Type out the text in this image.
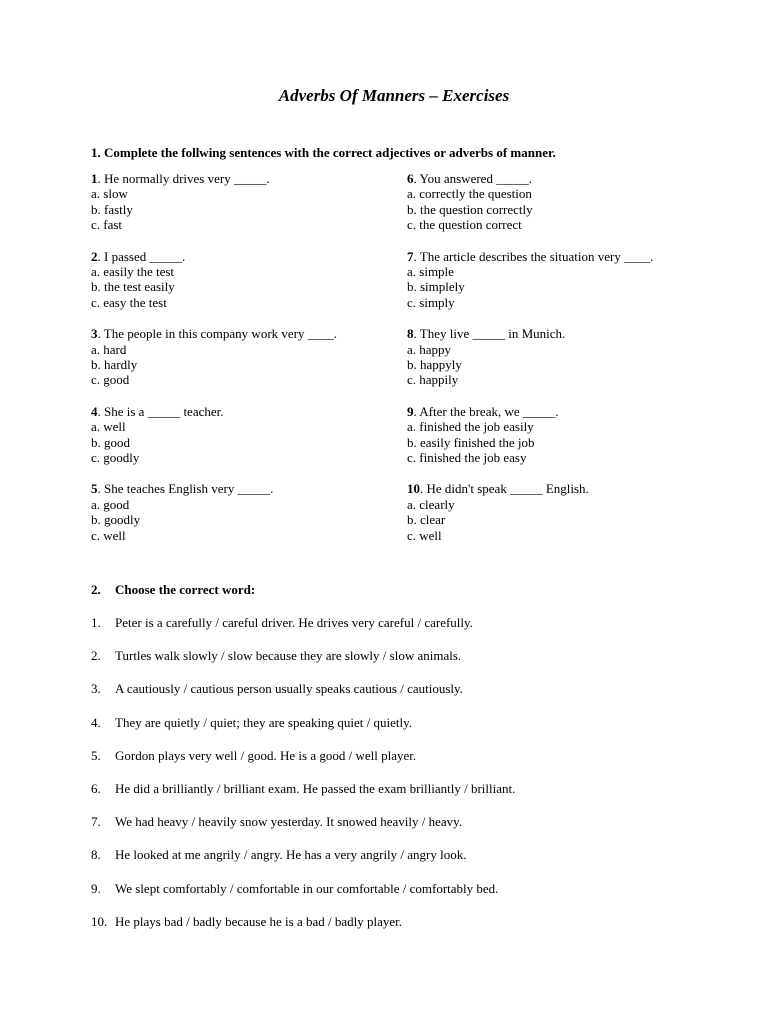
Adverbs Of Manners – Exercises
1. Complete the follwing sentences with the correct adjectives or adverbs of manner.
1. He normally drives very _____.
a. slow
b. fastly
c. fast
2. I passed _____.
a. easily the test
b. the test easily
c. easy the test
3. The people in this company work very ____.
a. hard
b. hardly
c. good
4. She is a _____ teacher.
a. well
b. good
c. goodly
5. She teaches English very _____.
a. good
b. goodly
c. well
6. You answered _____.
a. correctly the question
b. the question correctly
c. the question correct
7. The article describes the situation very ____.
a. simple
b. simplely
c. simply
8. They live _____ in Munich.
a. happy
b. happyly
c. happily
9. After the break, we _____.
a. finished the job easily
b. easily finished the job
c. finished the job easy
10. He didn't speak _____ English.
a. clearly
b. clear
c. well
2. Choose the correct word:
1. Peter is a carefully / careful driver. He drives very careful / carefully.
2. Turtles walk slowly / slow because they are slowly / slow animals.
3. A cautiously / cautious person usually speaks cautious / cautiously.
4. They are quietly / quiet; they are speaking quiet / quietly.
5. Gordon plays very well / good. He is a good / well player.
6. He did a brilliantly / brilliant exam. He passed the exam brilliantly / brilliant.
7. We had heavy / heavily snow yesterday. It snowed heavily / heavy.
8. He looked at me angrily / angry. He has a very angrily / angry look.
9. We slept comfortably / comfortable in our comfortable / comfortably bed.
10. He plays bad / badly because he is a bad / badly player.
